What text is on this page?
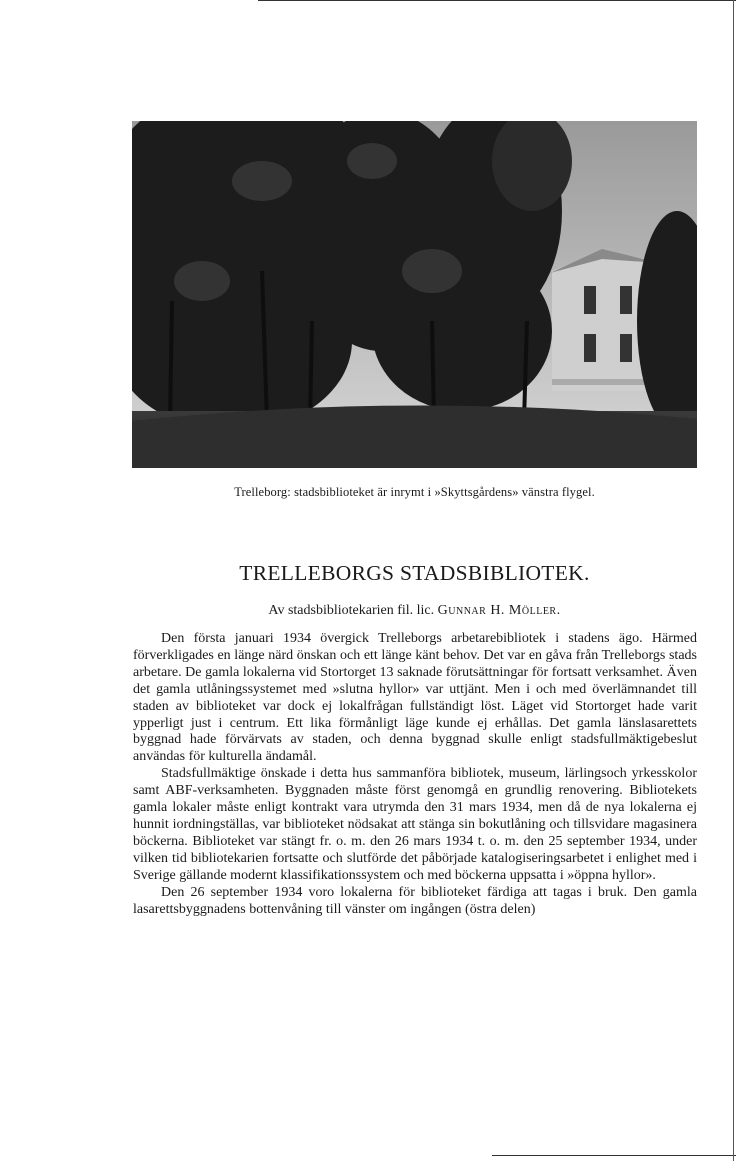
Trelleborg: stadsbiblioteket är inrymt i »Skyttsgårdens» vänstra flygel.
TRELLEBORGS STADSBIBLIOTEK.
Av stadsbibliotekarien fil. lic. Gunnar H. Möller.

Den första januari 1934 övergick Trelleborgs arbetarebibliotek i stadens ägo. Härmed förverkligades en länge närd önskan och ett länge känt behov. Det var en gåva från Trelleborgs stads arbetare. De gamla lokalerna vid Stortorget 13 saknade förutsättningar för fortsatt verksamhet. Även det gamla utlåningssystemet med »slutna hyllor» var uttjänt. Men i och med överlämnandet till staden av biblioteket var dock ej lokalfrågan fullständigt löst. Läget vid Stortorget hade varit ypperligt just i centrum. Ett lika förmånligt läge kunde ej erhållas. Det gamla länslasarettets byggnad hade förvärvats av staden, och denna byggnad skulle enligt stadsfullmäktigebeslut användas för kulturella ändamål.

Stadsfullmäktige önskade i detta hus sammanföra bibliotek, museum, lärlingsoch yrkesskolor samt ABF-verksamheten. Byggnaden måste först genomgå en grundlig renovering. Bibliotekets gamla lokaler måste enligt kontrakt vara utrymda den 31 mars 1934, men då de nya lokalerna ej hunnit iordningställas, var biblioteket nödsakat att stänga sin bokutlåning och tillsvidare magasinera böckerna. Biblioteket var stängt fr. o. m. den 26 mars 1934 t. o. m. den 25 september 1934, under vilken tid bibliotekarien fortsatte och slutförde det påbörjade katalogiseringsarbetet i enlighet med i Sverige gällande modernt klassifikationssystem och med böckerna uppsatta i »öppna hyllor».

Den 26 september 1934 voro lokalerna för biblioteket färdiga att tagas i bruk. Den gamla lasarettsbyggnadens bottenvåning till vänster om ingången (östra delen)
